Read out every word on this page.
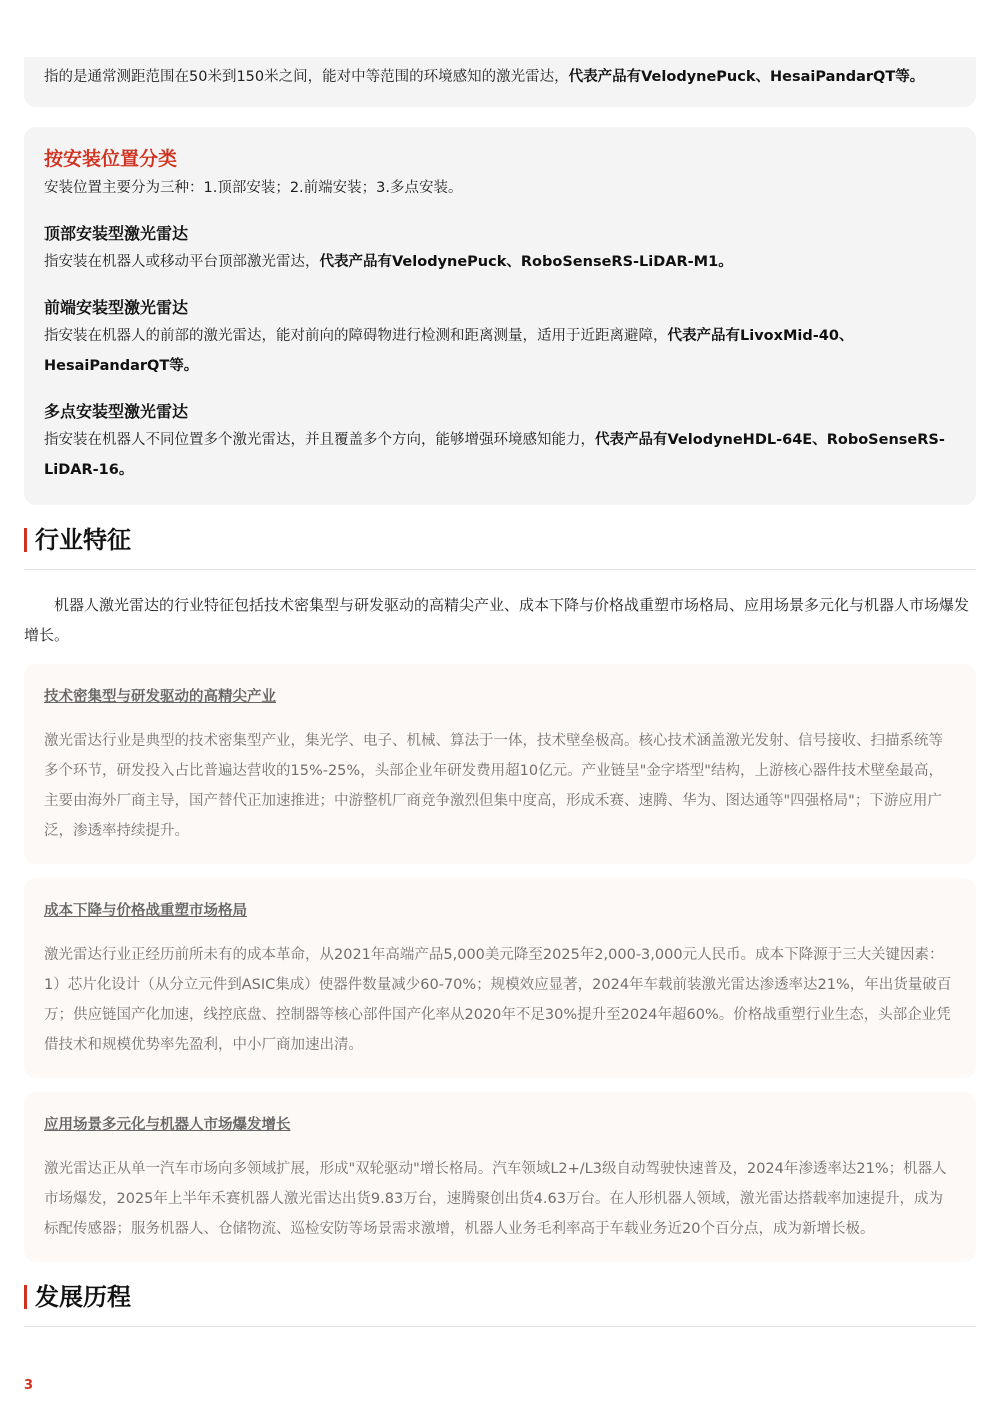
指的是通常测距范围在50米到150米之间，能对中等范围的环境感知的激光雷达，代表产品有VelodynePuck、HesaiPandarQT等。

按安装位置分类

安装位置主要分为三种：1.顶部安装；2.前端安装；3.多点安装。

顶部安装型激光雷达

指安装在机器人或移动平台顶部激光雷达，代表产品有VelodynePuck、RoboSenseRS-LiDAR-M1。

前端安装型激光雷达

指安装在机器人的前部的激光雷达，能对前向的障碍物进行检测和距离测量，适用于近距离避障，代表产品有LivoxMid-40、HesaiPandarQT等。

多点安装型激光雷达

指安装在机器人不同位置多个激光雷达，并且覆盖多个方向，能够增强环境感知能力，代表产品有VelodyneHDL-64E、RoboSenseRS-LiDAR-16。

行业特征

机器人激光雷达的行业特征包括技术密集型与研发驱动的高精尖产业、成本下降与价格战重塑市场格局、应用场景多元化与机器人市场爆发增长。

技术密集型与研发驱动的高精尖产业

激光雷达行业是典型的技术密集型产业，集光学、电子、机械、算法于一体，技术壁垒极高。核心技术涵盖激光发射、信号接收、扫描系统等多个环节，研发投入占比普遍达营收的15%-25%，头部企业年研发费用超10亿元。产业链呈"金字塔型"结构，上游核心器件技术壁垒最高，主要由海外厂商主导，国产替代正加速推进；中游整机厂商竞争激烈但集中度高，形成禾赛、速腾、华为、图达通等"四强格局"；下游应用广泛，渗透率持续提升。

成本下降与价格战重塑市场格局

激光雷达行业正经历前所未有的成本革命，从2021年高端产品5,000美元降至2025年2,000-3,000元人民币。成本下降源于三大关键因素：1）芯片化设计（从分立元件到ASIC集成）使器件数量减少60-70%；规模效应显著，2024年车载前装激光雷达渗透率达21%，年出货量破百万；供应链国产化加速，线控底盘、控制器等核心部件国产化率从2020年不足30%提升至2024年超60%。价格战重塑行业生态，头部企业凭借技术和规模优势率先盈利，中小厂商加速出清。

应用场景多元化与机器人市场爆发增长

激光雷达正从单一汽车市场向多领域扩展，形成"双轮驱动"增长格局。汽车领域L2+/L3级自动驾驶快速普及，2024年渗透率达21%；机器人市场爆发，2025年上半年禾赛机器人激光雷达出货9.83万台，速腾聚创出货4.63万台。在人形机器人领域，激光雷达搭载率加速提升，成为标配传感器；服务机器人、仓储物流、巡检安防等场景需求激增，机器人业务毛利率高于车载业务近20个百分点，成为新增长极。

发展历程
3
